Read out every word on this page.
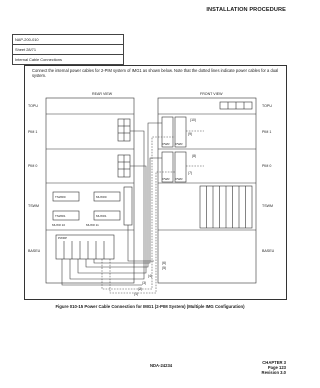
INSTALLATION PROCEDURE
NAP-200-010
Sheet 28/71
Internal Cable Connections

Connect the internal power cables for 2-PIM system of IMG1 as shown below. Note that the dotted lines indicate power cables for a dual system.

REAR VIEW	FRONT VIEW
TOPU
PIM 1
PIM 0
TSWM
BASEU
TOPU
PIM 1
PIM 0
TSWM
BASEU
TSWR0
TSWR1
MUXR0
MUXR1
MUXR 10	MUXR 11
PWRP
PWR PWR
PWR PWR
(10)
(9)
(8)
(7)
(6)
(5)
(4)
(3)
(2)
(1)
Figure 010-15 Power Cable Connection for IMG1 (2-PIM System) (Multiple IMG Configuration)
NDA-24234
CHAPTER 3
Page 123
Revision 3.0
